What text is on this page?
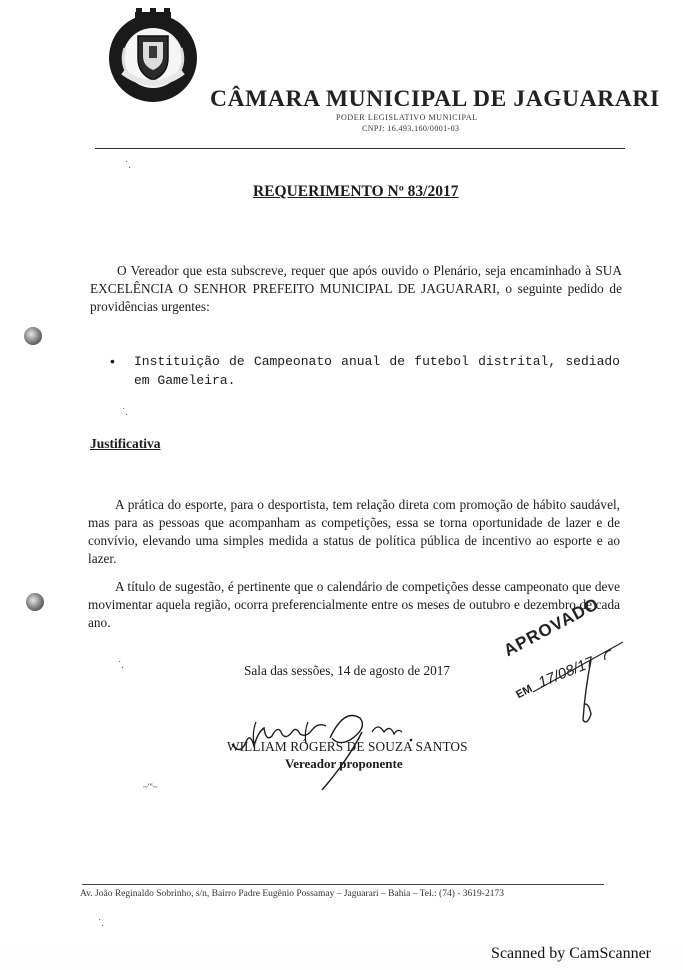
CÂMARA MUNICIPAL DE JAGUARARI
PODER LEGISLATIVO MUNICIPAL
CNPJ: 16.493.160/0001-03
˙.
REQUERIMENTO Nº 83/2017

O Vereador que esta subscreve, requer que após ouvido o Plenário, seja encaminhado à SUA EXCELÊNCIA O SENHOR PREFEITO MUNICIPAL DE JAGUARARI, o seguinte pedido de providências urgentes:

• Instituição de Campeonato anual de futebol distrital, sediado em Gameleira.
˙.
Justificativa

A prática do esporte, para o desportista, tem relação direta com promoção de hábito saudável, mas para as pessoas que acompanham as competições, essa se torna oportunidade de lazer e de convívio, elevando uma simples medida a status de política pública de incentivo ao esporte e ao lazer.

A título de sugestão, é pertinente que o calendário de competições desse campeonato que deve movimentar aquela região, ocorra preferencialmente entre os meses de outubro e dezembro de cada ano.

˙.	Sala das sessões, 14 de agosto de 2017
WILLIAM RÓGERS DE SOUZA SANTOS
Vereador proponente
~'''~
APROVADO
EM
17/08/17
Av. João Reginaldo Sobrinho, s/n, Bairro Padre Eugênio Possamay – Jaguarari – Bahia – Tel.: (74) - 3619-2173
˙.
Scanned by CamScanner
